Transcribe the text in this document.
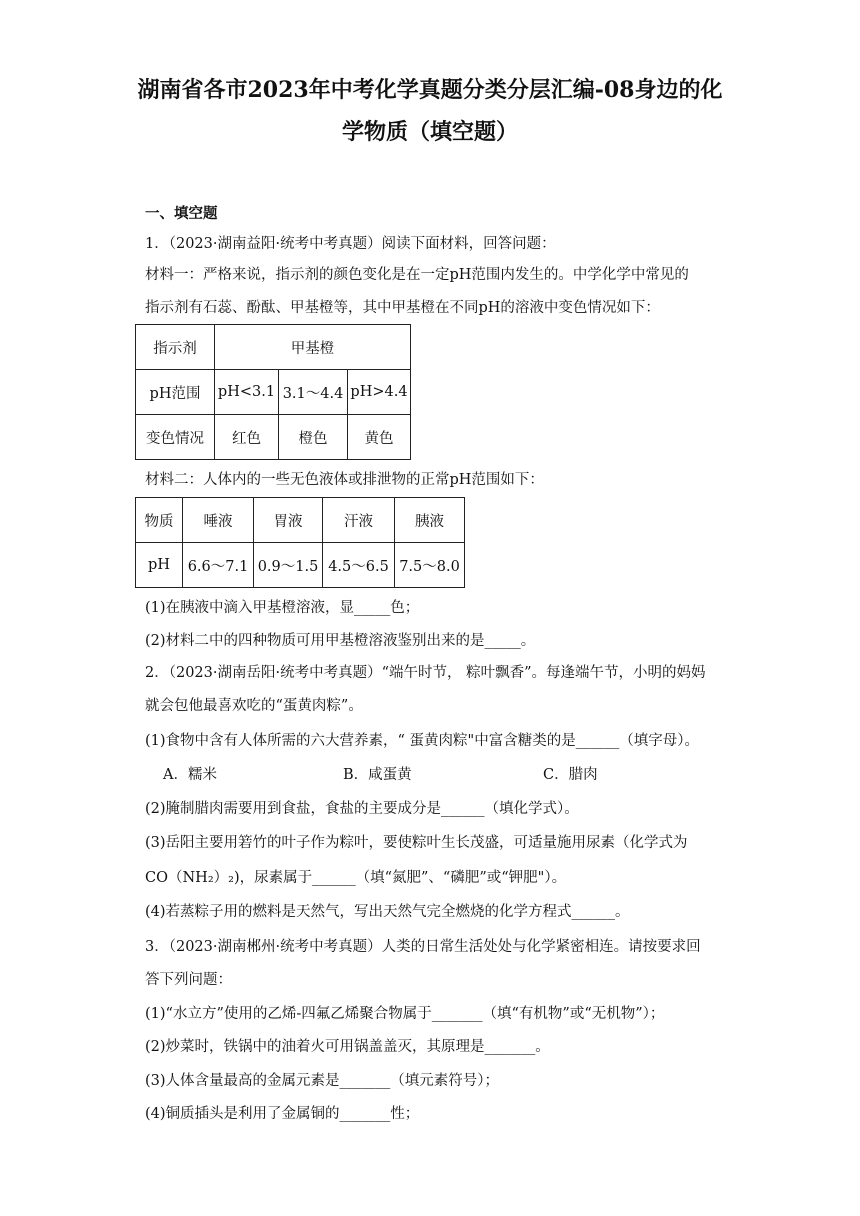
湖南省各市2023年中考化学真题分类分层汇编-08身边的化
学物质（填空题）
一、填空题
1．（2023·湖南益阳·统考中考真题）阅读下面材料，回答问题：
材料一：严格来说，指示剂的颜色变化是在一定pH范围内发生的。中学化学中常见的
指示剂有石蕊、酚酞、甲基橙等，其中甲基橙在不同pH的溶液中变色情况如下：
指示剂	甲基橙		
pH范围	pH<3.1	3.1～4.4	pH>4.4
变色情况	红色	橙色	黄色
材料二：人体内的一些无色液体或排泄物的正常pH范围如下：
物质	唾液	胃液	汗液	胰液
pH	6.6～7.1	0.9～1.5	4.5～6.5	7.5～8.0
(1)在胰液中滴入甲基橙溶液，显_____色；
(2)材料二中的四种物质可用甲基橙溶液鉴别出来的是_____。
2．（2023·湖南岳阳·统考中考真题）“端午时节， 粽叶飘香”。每逢端午节，小明的妈妈
就会包他最喜欢吃的“蛋黄肉粽”。
(1)食物中含有人体所需的六大营养素，“ 蛋黄肉粽"中富含糖类的是______（填字母）。
A．糯米	B．咸蛋黄	C．腊肉
(2)腌制腊肉需要用到食盐，食盐的主要成分是______（填化学式）。
(3)岳阳主要用箬竹的叶子作为粽叶，要使粽叶生长茂盛，可适量施用尿素（化学式为
CO（NH₂）₂)，尿素属于______（填“氮肥”、“磷肥”或“钾肥"）。
(4)若蒸粽子用的燃料是天然气，写出天然气完全燃烧的化学方程式______。
3．（2023·湖南郴州·统考中考真题）人类的日常生活处处与化学紧密相连。请按要求回
答下列问题：
(1)“水立方”使用的乙烯-四氟乙烯聚合物属于_______（填“有机物”或“无机物”）；
(2)炒菜时，铁锅中的油着火可用锅盖盖灭，其原理是_______。
(3)人体含量最高的金属元素是_______（填元素符号）；
(4)铜质插头是利用了金属铜的_______性；
